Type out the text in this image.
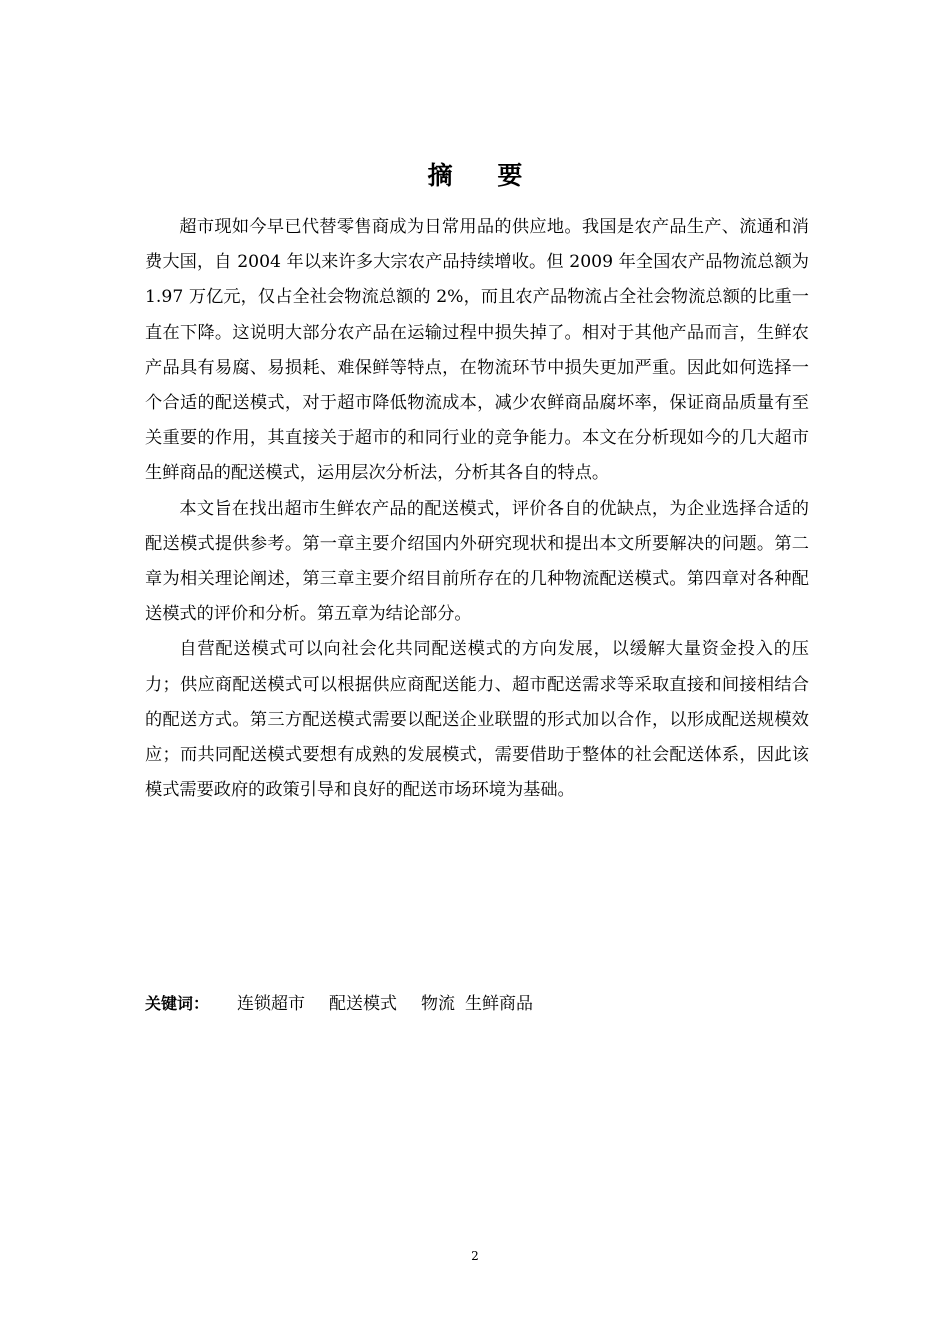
摘 要

超市现如今早已代替零售商成为日常用品的供应地。我国是农产品生产、流通和消费大国，自 2004 年以来许多大宗农产品持续增收。但 2009 年全国农产品物流总额为 1.97 万亿元，仅占全社会物流总额的 2%，而且农产品物流占全社会物流总额的比重一直在下降。这说明大部分农产品在运输过程中损失掉了。相对于其他产品而言，生鲜农产品具有易腐、易损耗、难保鲜等特点，在物流环节中损失更加严重。因此如何选择一个合适的配送模式，对于超市降低物流成本，减少农鲜商品腐坏率，保证商品质量有至关重要的作用，其直接关于超市的和同行业的竞争能力。本文在分析现如今的几大超市生鲜商品的配送模式，运用层次分析法，分析其各自的特点。

本文旨在找出超市生鲜农产品的配送模式，评价各自的优缺点，为企业选择合适的配送模式提供参考。第一章主要介绍国内外研究现状和提出本文所要解决的问题。第二章为相关理论阐述，第三章主要介绍目前所存在的几种物流配送模式。第四章对各种配送模式的评价和分析。第五章为结论部分。

自营配送模式可以向社会化共同配送模式的方向发展，以缓解大量资金投入的压力；供应商配送模式可以根据供应商配送能力、超市配送需求等采取直接和间接相结合的配送方式。第三方配送模式需要以配送企业联盟的形式加以合作，以形成配送规模效应；而共同配送模式要想有成熟的发展模式，需要借助于整体的社会配送体系，因此该模式需要政府的政策引导和良好的配送市场环境为基础。

关键词： 连锁超市 配送模式 物流 生鲜商品
2
